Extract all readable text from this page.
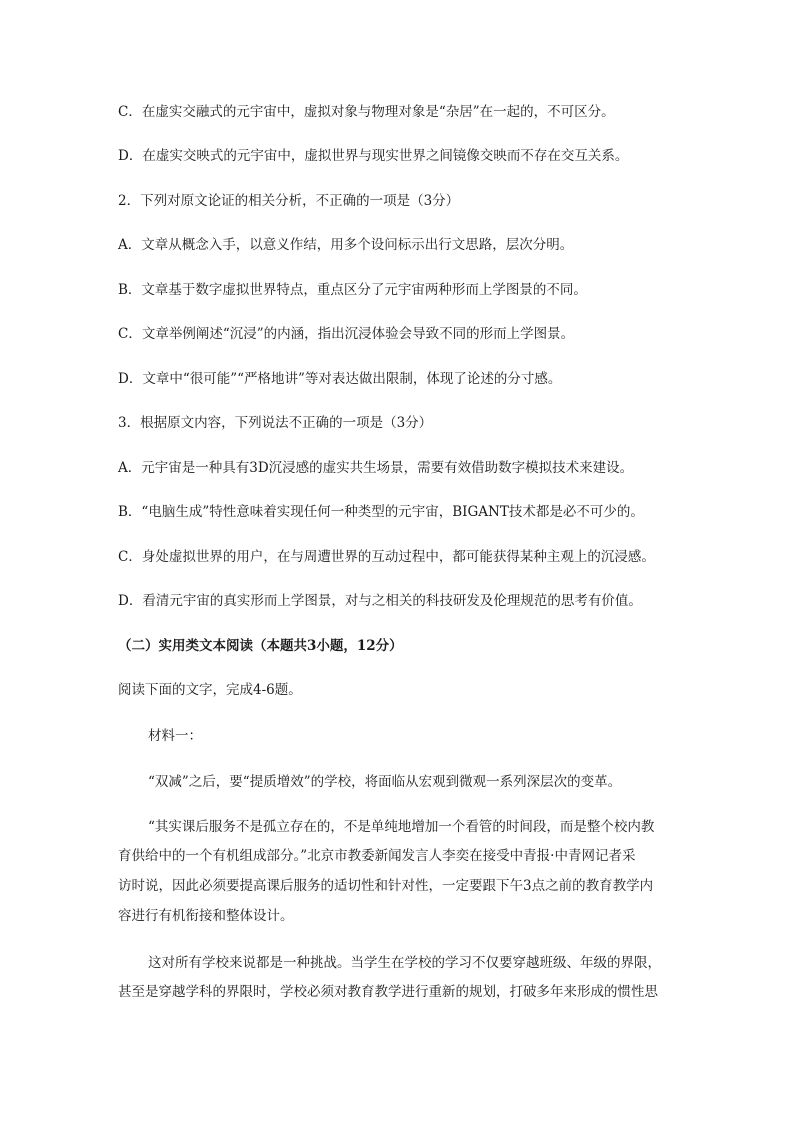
C．在虚实交融式的元宇宙中，虚拟对象与物理对象是“杂居”在一起的，不可区分。
D．在虚实交映式的元宇宙中，虚拟世界与现实世界之间镜像交映而不存在交互关系。
2．下列对原文论证的相关分析，不正确的一项是（3分）
A．文章从概念入手，以意义作结，用多个设问标示出行文思路，层次分明。
B．文章基于数字虚拟世界特点，重点区分了元宇宙两种形而上学图景的不同。
C．文章举例阐述“沉浸”的内涵，指出沉浸体验会导致不同的形而上学图景。
D．文章中“很可能”“严格地讲”等对表达做出限制，体现了论述的分寸感。
3．根据原文内容，下列说法不正确的一项是（3分）
A．元宇宙是一种具有3D沉浸感的虚实共生场景，需要有效借助数字模拟技术来建设。
B．“电脑生成”特性意味着实现任何一种类型的元宇宙，BIGANT技术都是必不可少的。
C．身处虚拟世界的用户，在与周遭世界的互动过程中，都可能获得某种主观上的沉浸感。
D．看清元宇宙的真实形而上学图景，对与之相关的科技研发及伦理规范的思考有价值。
（二）实用类文本阅读（本题共3小题，12分）
阅读下面的文字，完成4-6题。
材料一：
“双减”之后，要“提质增效”的学校，将面临从宏观到微观一系列深层次的变革。
“其实课后服务不是孤立存在的，不是单纯地增加一个看管的时间段，而是整个校内教
育供给中的一个有机组成部分。”北京市教委新闻发言人李奕在接受中青报·中青网记者采
访时说，因此必须要提高课后服务的适切性和针对性，一定要跟下午3点之前的教育教学内
容进行有机衔接和整体设计。
这对所有学校来说都是一种挑战。当学生在学校的学习不仅要穿越班级、年级的界限，
甚至是穿越学科的界限时，学校必须对教育教学进行重新的规划，打破多年来形成的惯性思
